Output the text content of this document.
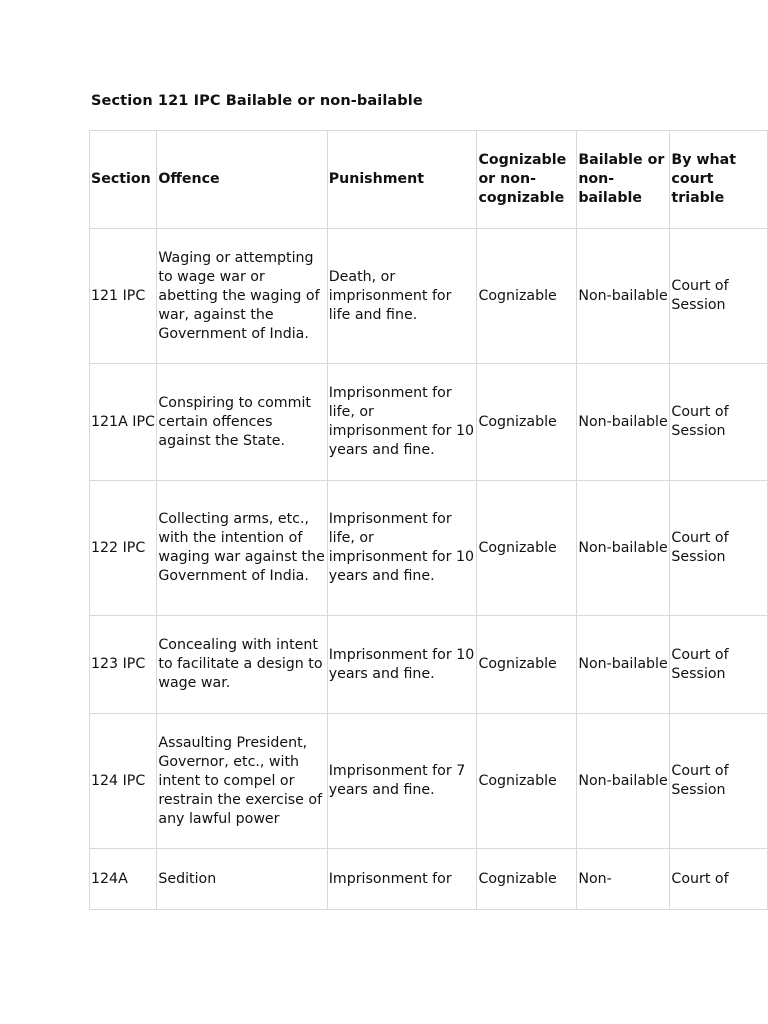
Section 121 IPC Bailable or non-bailable
Section	Offence	Punishment	Cognizable or non-cognizable	Bailable or non-bailable	By what court triable
121 IPC	Waging or attempting to wage war or abetting the waging of war, against the Government of India.	Death, or imprisonment for life and fine.	Cognizable	Non-bailable	Court of Session
121A IPC	Conspiring to commit certain offences against the State.	Imprisonment for life, or imprisonment for 10 years and fine.	Cognizable	Non-bailable	Court of Session
122 IPC	Collecting arms, etc., with the intention of waging war against the Government of India.	Imprisonment for life, or imprisonment for 10 years and fine.	Cognizable	Non-bailable	Court of Session
123 IPC	Concealing with intent to facilitate a design to wage war.	Imprisonment for 10 years and fine.	Cognizable	Non-bailable	Court of Session
124 IPC	Assaulting President, Governor, etc., with intent to compel or restrain the exercise of any lawful power	Imprisonment for 7 years and fine.	Cognizable	Non-bailable	Court of Session
124A	Sedition	Imprisonment for	Cognizable	Non-	Court of
